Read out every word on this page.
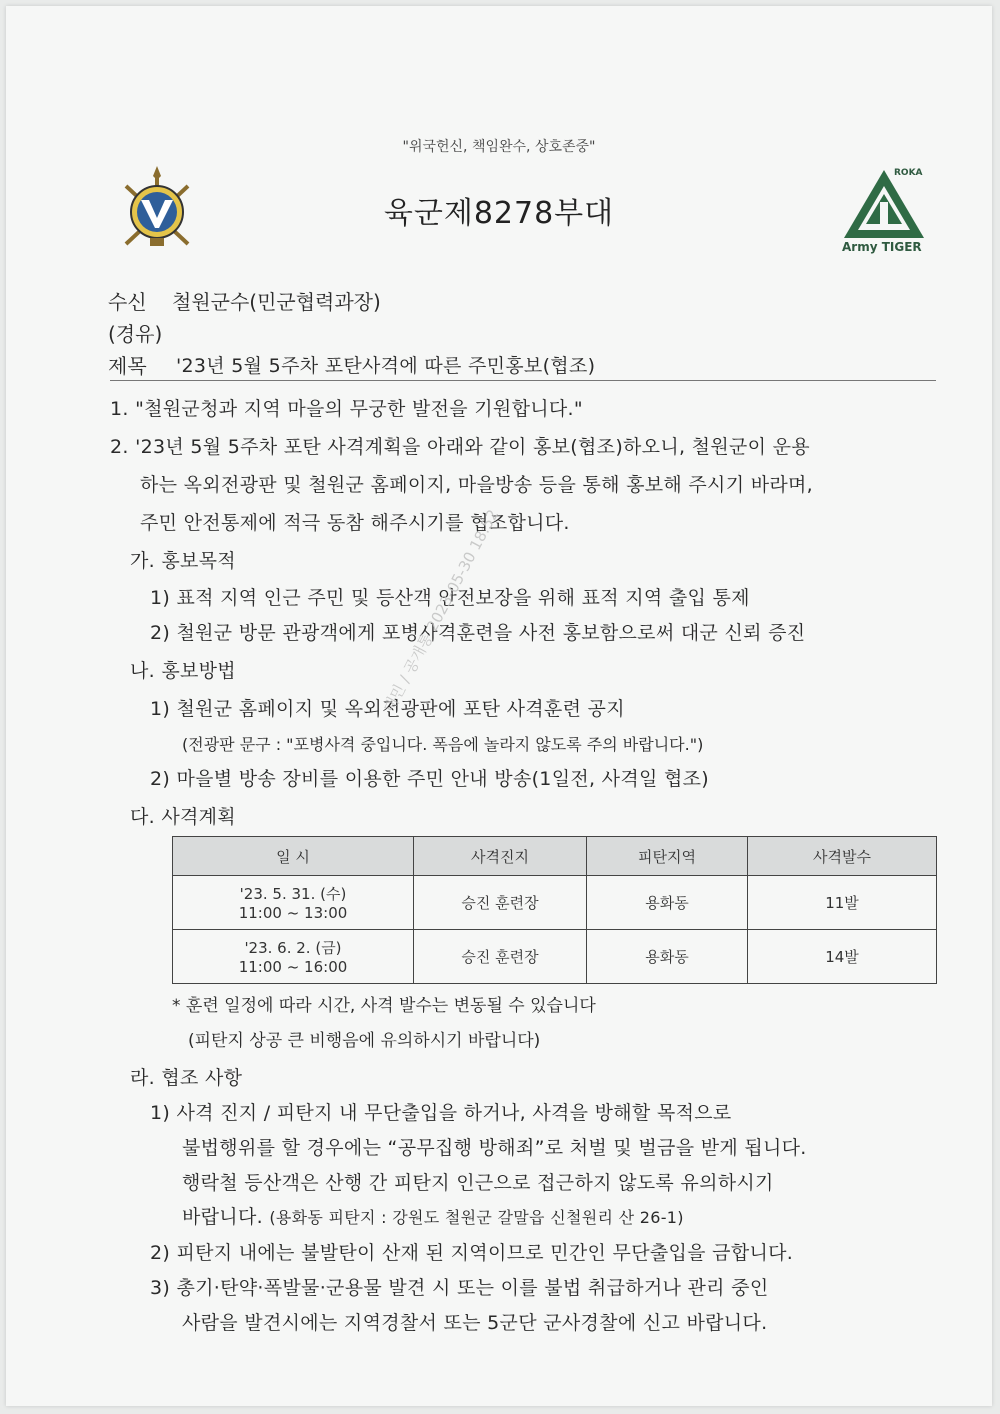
"위국헌신, 책임완수, 상호존중"
육군제8278부대
ROKA
Army TIGER
수신 철원군수(민군협력과장)
(경유)
제목 '23년 5월 5주차 포탄사격에 따른 주민홍보(협조)
1. "철원군청과 지역 마을의 무궁한 발전을 기원합니다."
2. '23년 5월 5주차 포탄 사격계획을 아래와 같이 홍보(협조)하오니, 철원군이 운용
하는 옥외전광판 및 철원군 홈페이지, 마을방송 등을 통해 홍보해 주시기 바라며,
주민 안전통제에 적극 동참 해주시기를 협조합니다.
가. 홍보목적
1) 표적 지역 인근 주민 및 등산객 안전보장을 위해 표적 지역 출입 통제
2) 철원군 방문 관광객에게 포병사격훈련을 사전 홍보함으로써 대군 신뢰 증진
나. 홍보방법
1) 철원군 홈페이지 및 옥외전광판에 포탄 사격훈련 공지
(전광판 문구 : "포병사격 중입니다. 폭음에 놀라지 않도록 주의 바랍니다.")
2) 마을별 방송 장비를 이용한 주민 안내 방송(1일전, 사격일 협조)
다. 사격계획
일 시	사격진지	피탄지역	사격발수

'23. 5. 31. (수)
11:00 ~ 13:00	승진 훈련장	용화동	11발

'23. 6. 2. (금)
11:00 ~ 16:00	승진 훈련장	용화동	14발
* 훈련 일정에 따라 시간, 사격 발수는 변동될 수 있습니다
(피탄지 상공 큰 비행음에 유의하시기 바랍니다)
라. 협조 사항
1) 사격 진지 / 피탄지 내 무단출입을 하거나, 사격을 방해할 목적으로
불법행위를 할 경우에는 “공무집행 방해죄”로 처벌 및 벌금을 받게 됩니다.
행락철 등산객은 산행 간 피탄지 인근으로 접근하지 않도록 유의하시기
바랍니다. (용화동 피탄지 : 강원도 철원군 갈말읍 신철원리 산 26-1)
2) 피탄지 내에는 불발탄이 산재 된 지역이므로 민간인 무단출입을 금합니다.
3) 총기·탄약·폭발물·군용물 발견 시 또는 이를 불법 취급하거나 관리 중인
사람을 발견시에는 지역경찰서 또는 5군단 군사경찰에 신고 바랍니다.
대민 / 공개통 2023-05-30 18:52
